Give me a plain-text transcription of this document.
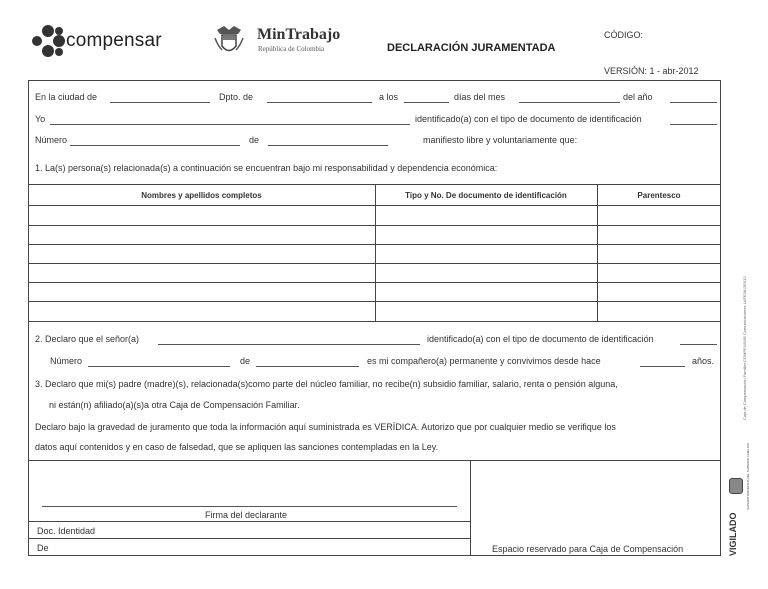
compensar	MinTrabajo
República de Colombia	DECLARACIÓN JURAMENTADA
CÓDIGO:
VERSIÓN: 1 - abr-2012
En la ciudad de	Dpto. de	a los	días del mes	del año
Yo	identificado(a) con el tipo de documento de identificación
Número	de	manifiesto libre y voluntariamente que:
1. La(s) persona(s) relacionada(s) a continuación se encuentran bajo mi responsabilidad y dependencia económica:
Nombres y apellidos completos	Tipo y No. De documento de identificación	Parentesco
2. Declaro que el señor(a)	identificado(a) con el tipo de documento de identificación
Número	de	es mi compañero(a) permanente y convivimos desde hace	años.
3. Declaro que mi(s) padre (madre)(s), relacionada(s)como parte del núcleo familiar, no recibe(n) subsidio familiar, salario, renta o pensión alguna,
ni están(n) afiliado(a)(s)a otra Caja de Compensación Familiar.
Declaro bajo la gravedad de juramento que toda la información aquí suministrada es VERÍDICA. Autorizo que por cualquier medio se verifique los
datos aquí contenidos y en caso de falsedad, que se apliquen las sanciones contempladas en la Ley.
Firma del declarante
Doc. Identidad
De	Espacio reservado para Caja de Compensación
Caja de Compensación Familiar COMPENSAR Comunicaciones LAFE08-DE012
VIGILADO
SUPERINTENDENCIA DEL SUBSIDIO FAMILIAR
